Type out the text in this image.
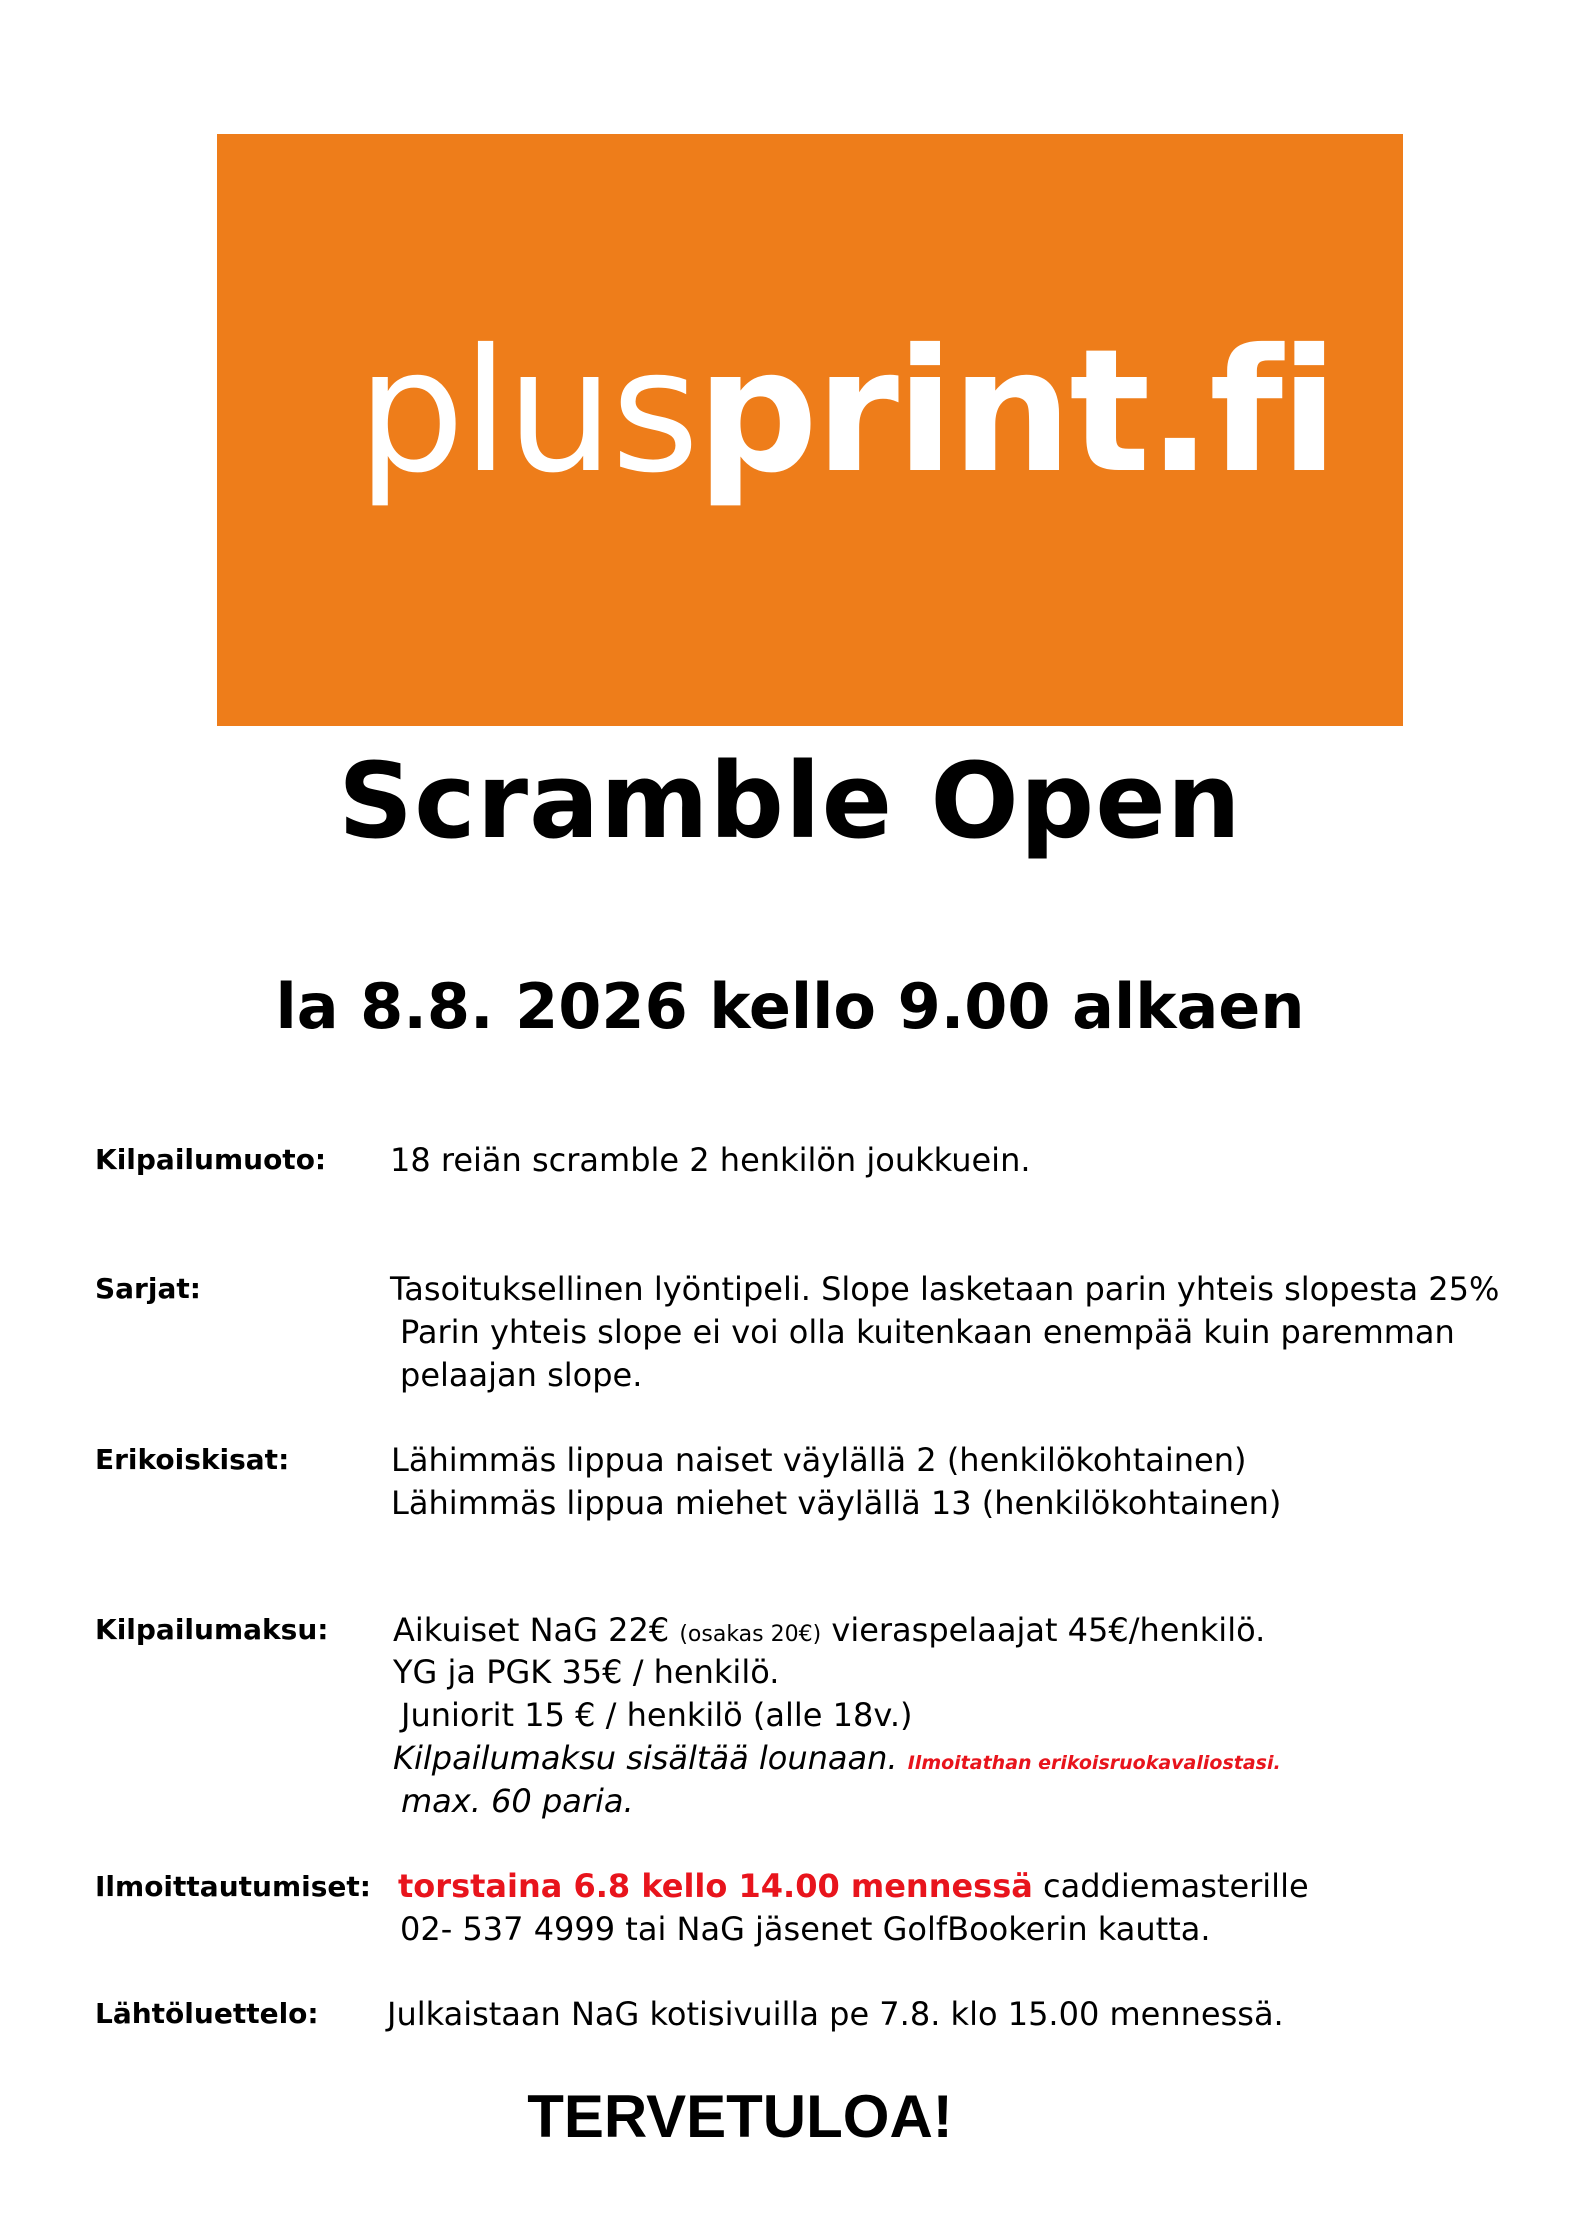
plusprint.fi
Scramble Open
la 8.8. 2026 kello 9.00 alkaen
Kilpailumuoto: 18 reiän scramble 2 henkilön joukkuein.
Sarjat:	Tasoituksellinen lyöntipeli. Slope lasketaan parin yhteis slopesta 25%
Parin yhteis slope ei voi olla kuitenkaan enempää kuin paremman
pelaajan slope.
Erikoiskisat:	Lähimmäs lippua naiset väylällä 2 (henkilökohtainen)
Lähimmäs lippua miehet väylällä 13 (henkilökohtainen)
Kilpailumaksu: Aikuiset NaG 22€ (osakas 20€) vieraspelaajat 45€/henkilö.
YG ja PGK 35€ / henkilö.
Juniorit 15 € / henkilö (alle 18v.)
Kilpailumaksu sisältää lounaan. Ilmoitathan erikoisruokavaliostasi.
max. 60 paria.
Ilmoittautumiset: torstaina 6.8 kello 14.00 mennessä caddiemasterille
02- 537 4999 tai NaG jäsenet GolfBookerin kautta.
Lähtöluettelo: Julkaistaan NaG kotisivuilla pe 7.8. klo 15.00 mennessä.
TERVETULOA!
